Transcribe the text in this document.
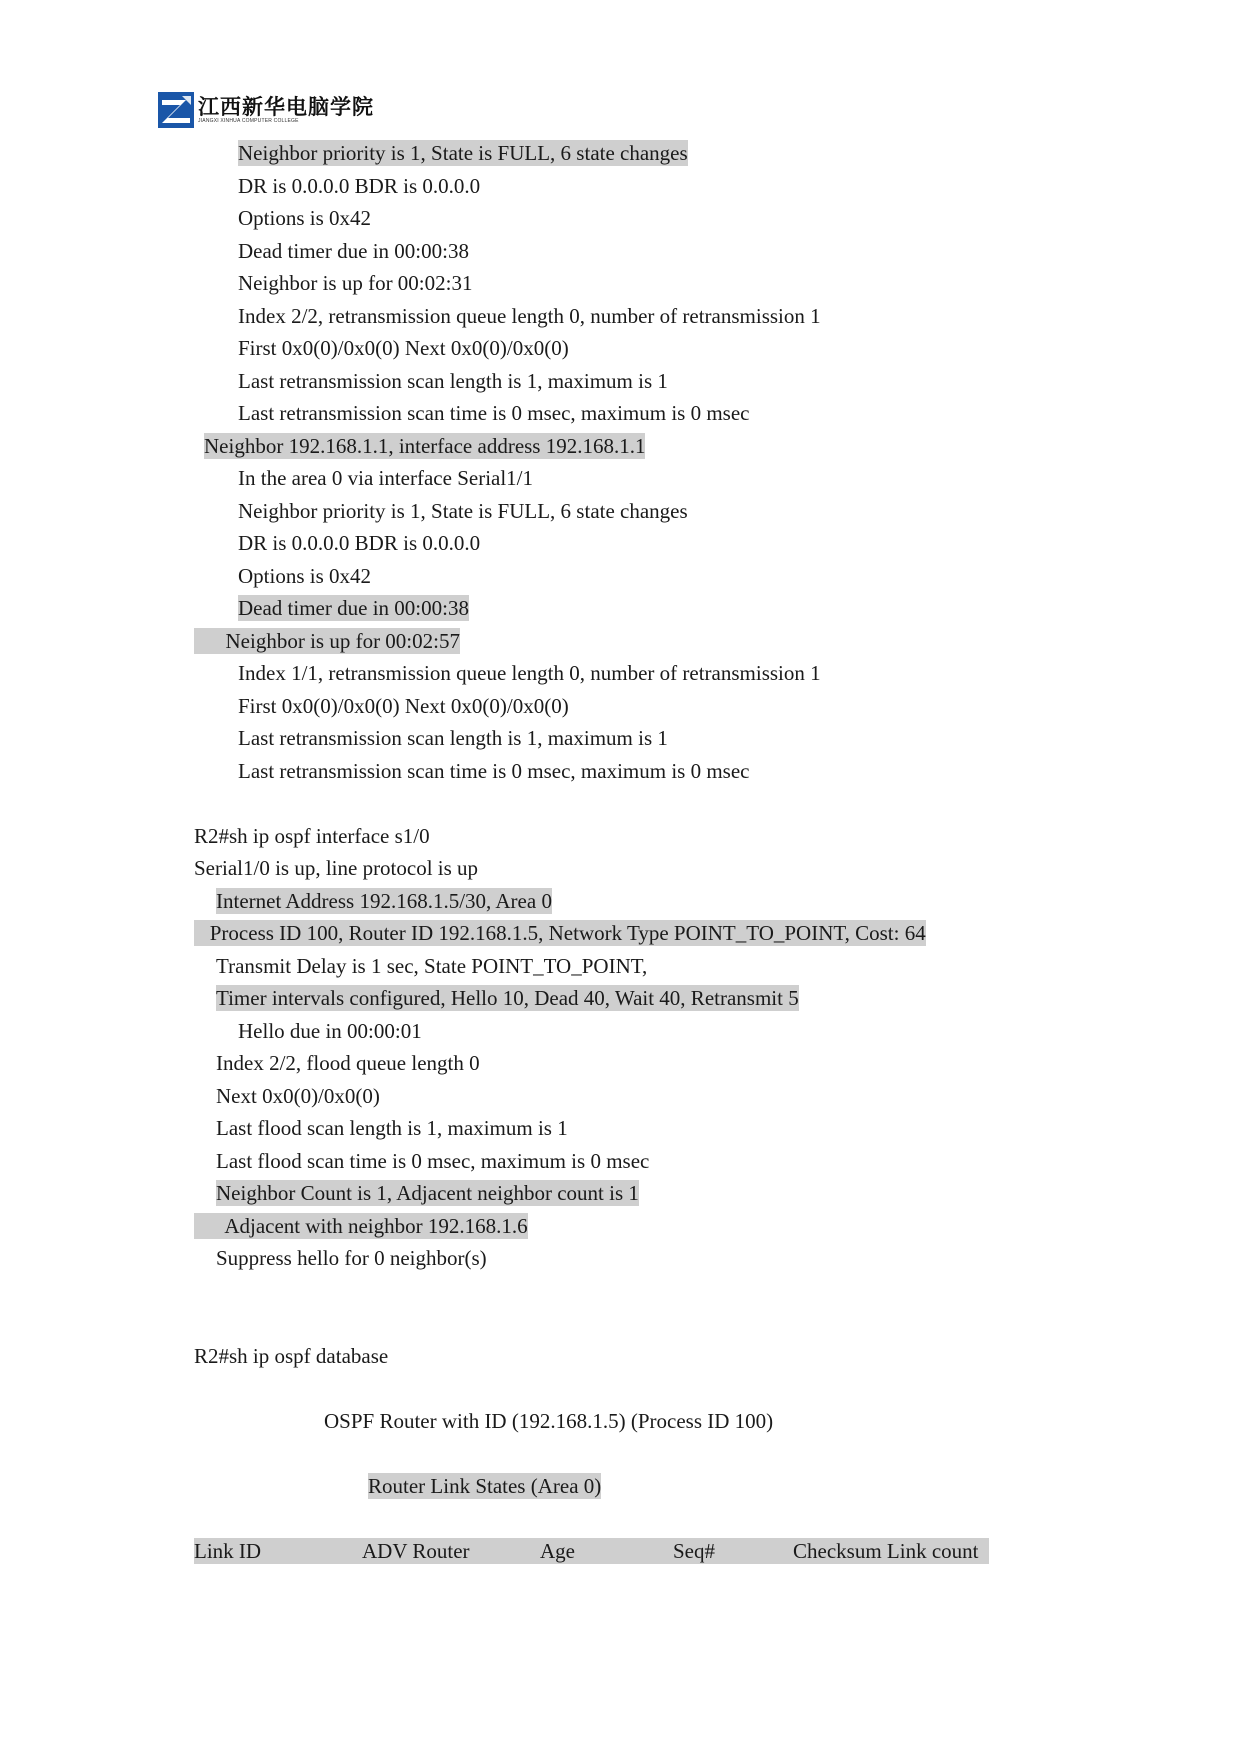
江西新华电脑学院
JIANGXI XINHUA COMPUTER COLLEGE
Neighbor priority is 1, State is FULL, 6 state changes
DR is 0.0.0.0 BDR is 0.0.0.0
Options is 0x42
Dead timer due in 00:00:38
Neighbor is up for 00:02:31
Index 2/2, retransmission queue length 0, number of retransmission 1
First 0x0(0)/0x0(0) Next 0x0(0)/0x0(0)
Last retransmission scan length is 1, maximum is 1
Last retransmission scan time is 0 msec, maximum is 0 msec
Neighbor 192.168.1.1, interface address 192.168.1.1
In the area 0 via interface Serial1/1
Neighbor priority is 1, State is FULL, 6 state changes
DR is 0.0.0.0 BDR is 0.0.0.0
Options is 0x42
Dead timer due in 00:00:38
Neighbor is up for 00:02:57
Index 1/1, retransmission queue length 0, number of retransmission 1
First 0x0(0)/0x0(0) Next 0x0(0)/0x0(0)
Last retransmission scan length is 1, maximum is 1
Last retransmission scan time is 0 msec, maximum is 0 msec
R2#sh ip ospf interface s1/0
Serial1/0 is up, line protocol is up
Internet Address 192.168.1.5/30, Area 0
Process ID 100, Router ID 192.168.1.5, Network Type POINT_TO_POINT, Cost: 64
Transmit Delay is 1 sec, State POINT_TO_POINT,
Timer intervals configured, Hello 10, Dead 40, Wait 40, Retransmit 5
Hello due in 00:00:01
Index 2/2, flood queue length 0
Next 0x0(0)/0x0(0)
Last flood scan length is 1, maximum is 1
Last flood scan time is 0 msec, maximum is 0 msec
Neighbor Count is 1, Adjacent neighbor count is 1
Adjacent with neighbor 192.168.1.6
Suppress hello for 0 neighbor(s)
R2#sh ip ospf database
OSPF Router with ID (192.168.1.5) (Process ID 100)
Router Link States (Area 0)
Link ID	ADV Router	Age	Seq#	Checksum Link count
